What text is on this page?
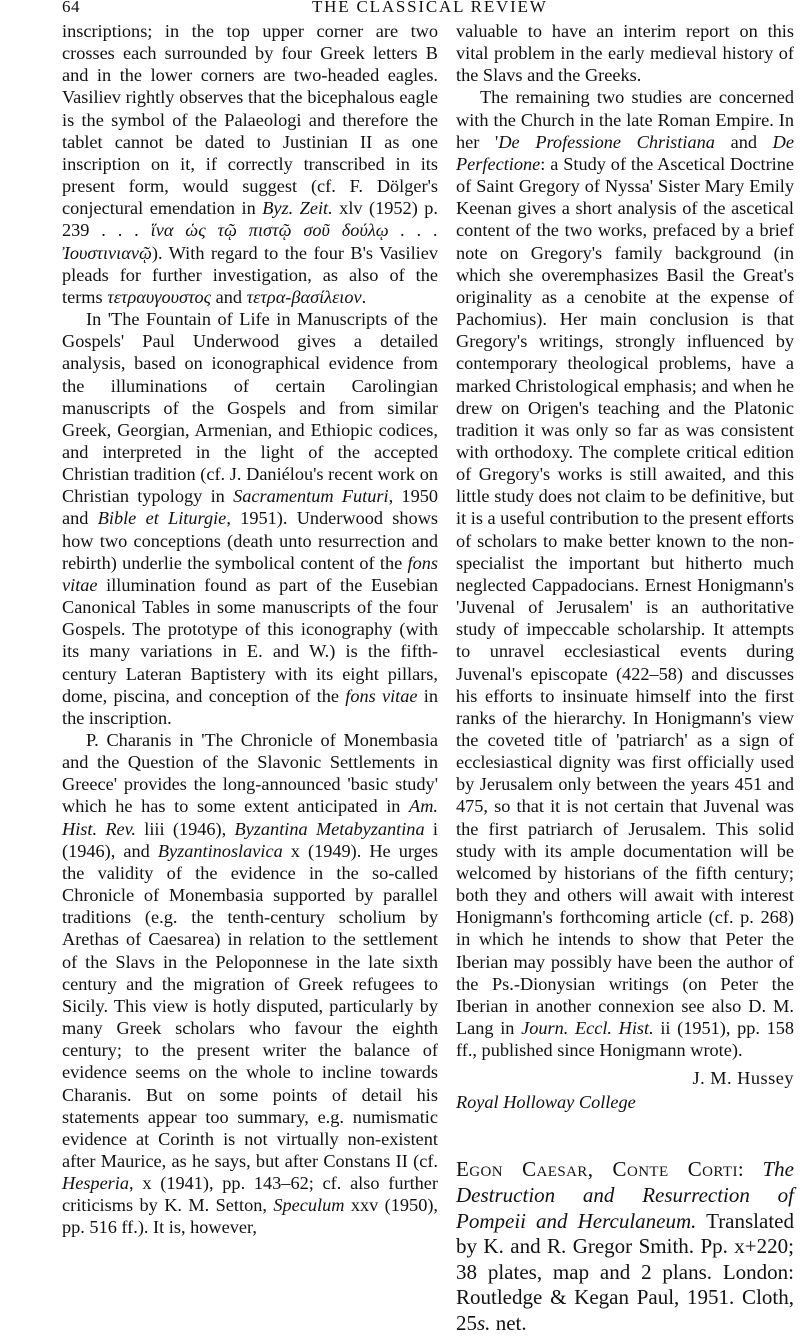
64	THE CLASSICAL REVIEW

inscriptions; in the top upper corner are two crosses each surrounded by four Greek letters B and in the lower corners are two-headed eagles. Vasiliev rightly observes that the bicephalous eagle is the symbol of the Palaeologi and therefore the tablet cannot be dated to Justinian II as one inscription on it, if correctly transcribed in its present form, would suggest (cf. F. Dölger's conjectural emendation in Byz. Zeit. xlv (1952) p. 239 . . . ἵνα ὡς τῷ πιστῷ σοῦ δούλῳ . . . Ἰουστινιανῷ). With regard to the four B's Vasiliev pleads for further investigation, as also of the terms τετραυγουστος and τετρα-βασίλειον.

In 'The Fountain of Life in Manuscripts of the Gospels' Paul Underwood gives a detailed analysis, based on iconographical evidence from the illuminations of certain Carolingian manuscripts of the Gospels and from similar Greek, Georgian, Armenian, and Ethiopic codices, and interpreted in the light of the accepted Christian tradition (cf. J. Daniélou's recent work on Christian typology in Sacramentum Futuri, 1950 and Bible et Liturgie, 1951). Underwood shows how two conceptions (death unto resurrection and rebirth) underlie the symbolical content of the fons vitae illumination found as part of the Eusebian Canonical Tables in some manuscripts of the four Gospels. The prototype of this iconography (with its many variations in E. and W.) is the fifth-century Lateran Baptistery with its eight pillars, dome, piscina, and conception of the fons vitae in the inscription.

P. Charanis in 'The Chronicle of Monembasia and the Question of the Slavonic Settlements in Greece' provides the long-announced 'basic study' which he has to some extent anticipated in Am. Hist. Rev. liii (1946), Byzantina Metabyzantina i (1946), and Byzantinoslavica x (1949). He urges the validity of the evidence in the so-called Chronicle of Monembasia supported by parallel traditions (e.g. the tenth-century scholium by Arethas of Caesarea) in relation to the settlement of the Slavs in the Peloponnese in the late sixth century and the migration of Greek refugees to Sicily. This view is hotly disputed, particularly by many Greek scholars who favour the eighth century; to the present writer the balance of evidence seems on the whole to incline towards Charanis. But on some points of detail his statements appear too summary, e.g. numismatic evidence at Corinth is not virtually non-existent after Maurice, as he says, but after Constans II (cf. Hesperia, x (1941), pp. 143–62; cf. also further criticisms by K. M. Setton, Speculum xxv (1950), pp. 516 ff.). It is, however,

valuable to have an interim report on this vital problem in the early medieval history of the Slavs and the Greeks.

The remaining two studies are concerned with the Church in the late Roman Empire. In her 'De Professione Christiana and De Perfectione: a Study of the Ascetical Doctrine of Saint Gregory of Nyssa' Sister Mary Emily Keenan gives a short analysis of the ascetical content of the two works, prefaced by a brief note on Gregory's family background (in which she overemphasizes Basil the Great's originality as a cenobite at the expense of Pachomius). Her main conclusion is that Gregory's writings, strongly influenced by contemporary theological problems, have a marked Christological emphasis; and when he drew on Origen's teaching and the Platonic tradition it was only so far as was consistent with orthodoxy. The complete critical edition of Gregory's works is still awaited, and this little study does not claim to be definitive, but it is a useful contribution to the present efforts of scholars to make better known to the non-specialist the important but hitherto much neglected Cappadocians. Ernest Honigmann's 'Juvenal of Jerusalem' is an authoritative study of impeccable scholarship. It attempts to unravel ecclesiastical events during Juvenal's episcopate (422–58) and discusses his efforts to insinuate himself into the first ranks of the hierarchy. In Honigmann's view the coveted title of 'patriarch' as a sign of ecclesiastical dignity was first officially used by Jerusalem only between the years 451 and 475, so that it is not certain that Juvenal was the first patriarch of Jerusalem. This solid study with its ample documentation will be welcomed by historians of the fifth century; both they and others will await with interest Honigmann's forthcoming article (cf. p. 268) in which he intends to show that Peter the Iberian may possibly have been the author of the Ps.-Dionysian writings (on Peter the Iberian in another connexion see also D. M. Lang in Journ. Eccl. Hist. ii (1951), pp. 158 ff., published since Honigmann wrote).

J. M. Hussey
Royal Holloway College
Egon Caesar, Conte Corti: The Destruction and Resurrection of Pompeii and Herculaneum. Translated by K. and R. Gregor Smith. Pp. x+220; 38 plates, map and 2 plans. London: Routledge & Kegan Paul, 1951. Cloth, 25s. net.
